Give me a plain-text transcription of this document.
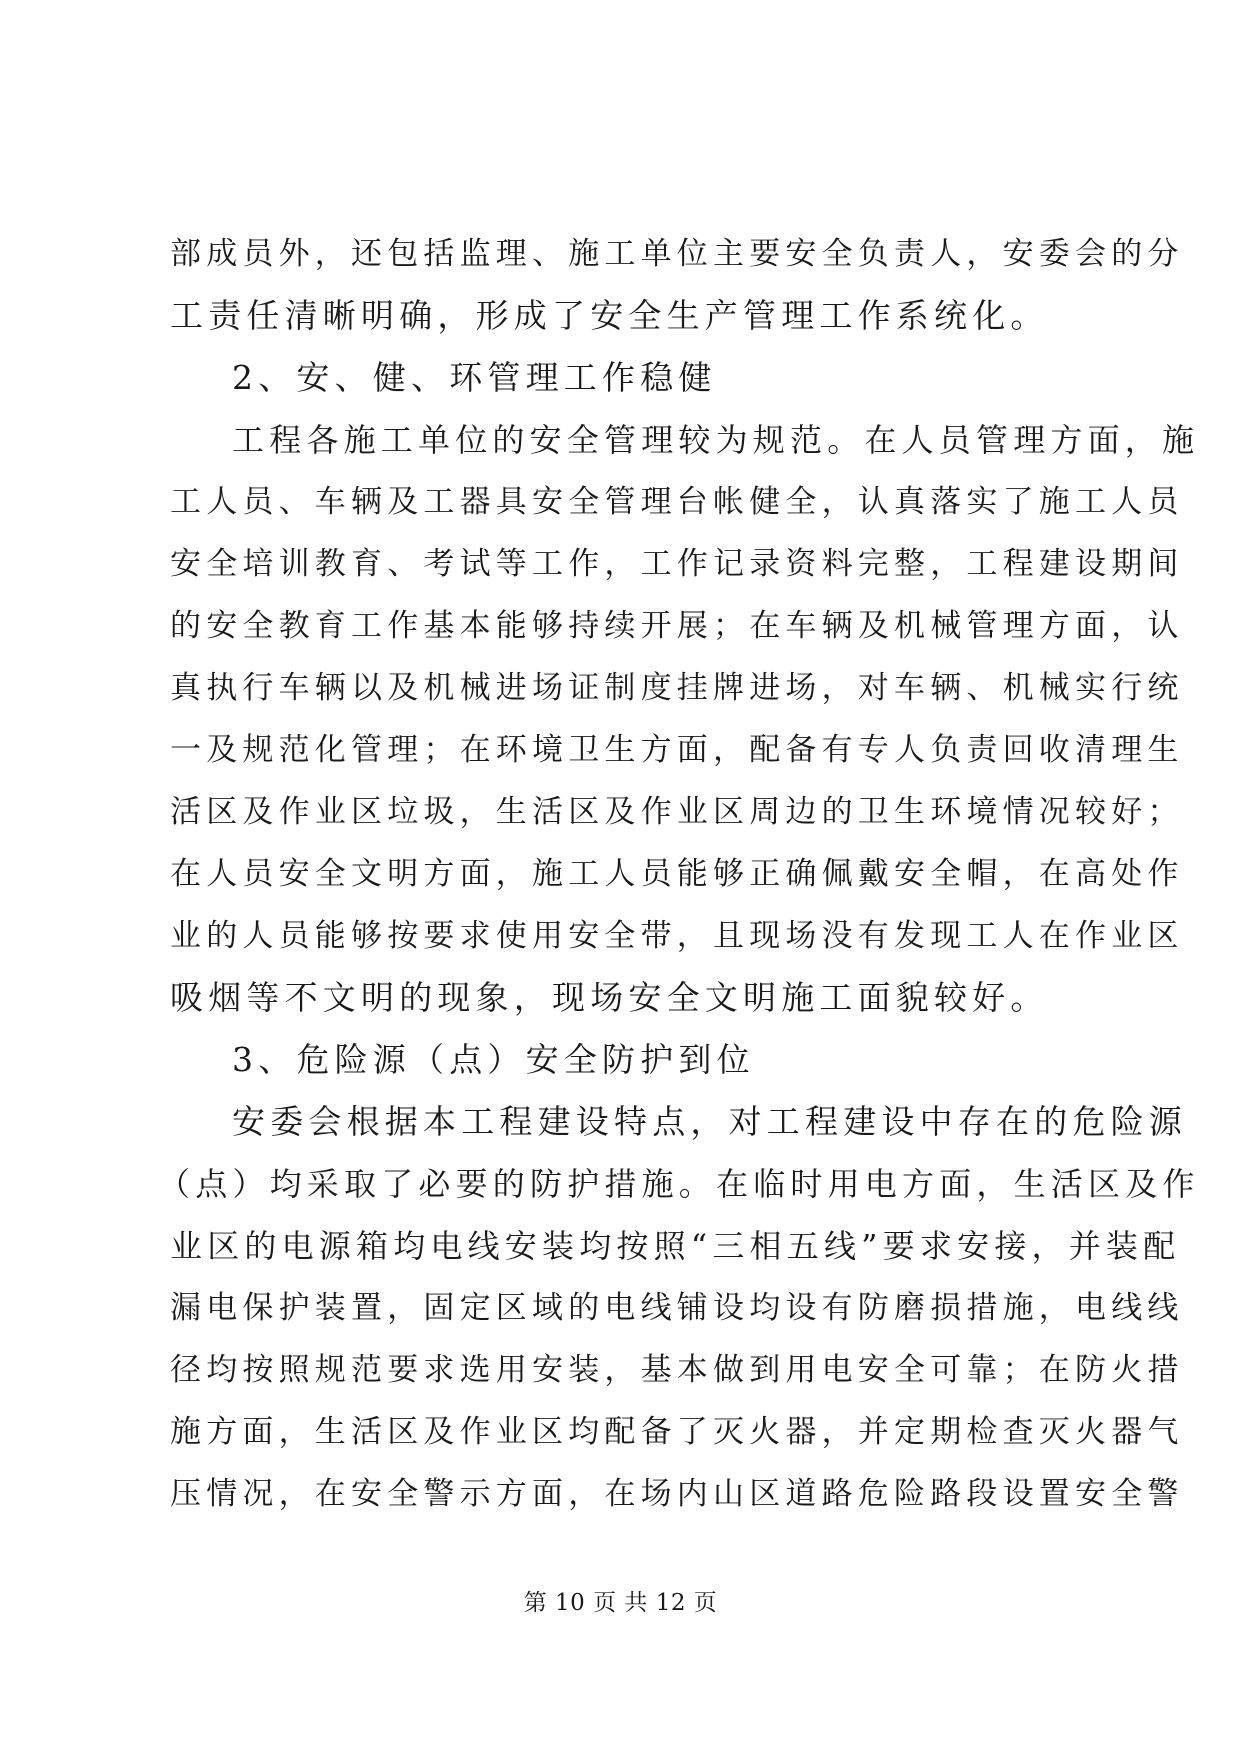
部成员外，还包括监理、施工单位主要安全负责人，安委会的分
工责任清晰明确，形成了安全生产管理工作系统化。
2、安、健、环管理工作稳健
工程各施工单位的安全管理较为规范。在人员管理方面，施
工人员、车辆及工器具安全管理台帐健全，认真落实了施工人员
安全培训教育、考试等工作，工作记录资料完整，工程建设期间
的安全教育工作基本能够持续开展；在车辆及机械管理方面，认
真执行车辆以及机械进场证制度挂牌进场，对车辆、机械实行统
一及规范化管理；在环境卫生方面，配备有专人负责回收清理生
活区及作业区垃圾，生活区及作业区周边的卫生环境情况较好；
在人员安全文明方面，施工人员能够正确佩戴安全帽，在高处作
业的人员能够按要求使用安全带，且现场没有发现工人在作业区
吸烟等不文明的现象，现场安全文明施工面貌较好。
3、危险源（点）安全防护到位
安委会根据本工程建设特点，对工程建设中存在的危险源
（点）均采取了必要的防护措施。在临时用电方面，生活区及作
业区的电源箱均电线安装均按照“三相五线”要求安接，并装配
漏电保护装置，固定区域的电线铺设均设有防磨损措施，电线线
径均按照规范要求选用安装，基本做到用电安全可靠；在防火措
施方面，生活区及作业区均配备了灭火器，并定期检查灭火器气
压情况，在安全警示方面，在场内山区道路危险路段设置安全警
第 10 页 共 12 页
